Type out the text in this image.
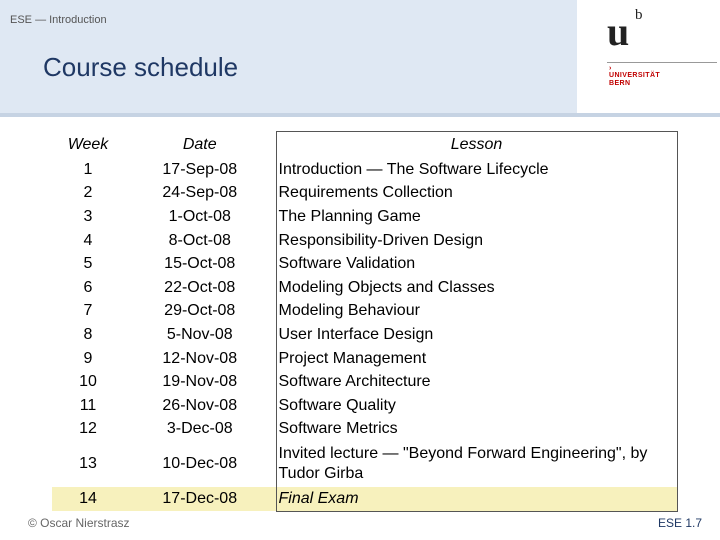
ESE — Introduction
Course schedule
u b
›
UNIVERSITÄT
BERN
Week	Date	Lesson
1	17-Sep-08	Introduction — The Software Lifecycle
2	24-Sep-08	Requirements Collection
3	1-Oct-08	The Planning Game
4	8-Oct-08	Responsibility-Driven Design
5	15-Oct-08	Software Validation
6	22-Oct-08	Modeling Objects and Classes
7	29-Oct-08	Modeling Behaviour
8	5-Nov-08	User Interface Design
9	12-Nov-08	Project Management
10	19-Nov-08	Software Architecture
11	26-Nov-08	Software Quality
12	3-Dec-08	Software Metrics
13	10-Dec-08	Invited lecture — "Beyond Forward Engineering", by Tudor Girba
14	17-Dec-08	Final Exam
© Oscar Nierstrasz	ESE 1.7
